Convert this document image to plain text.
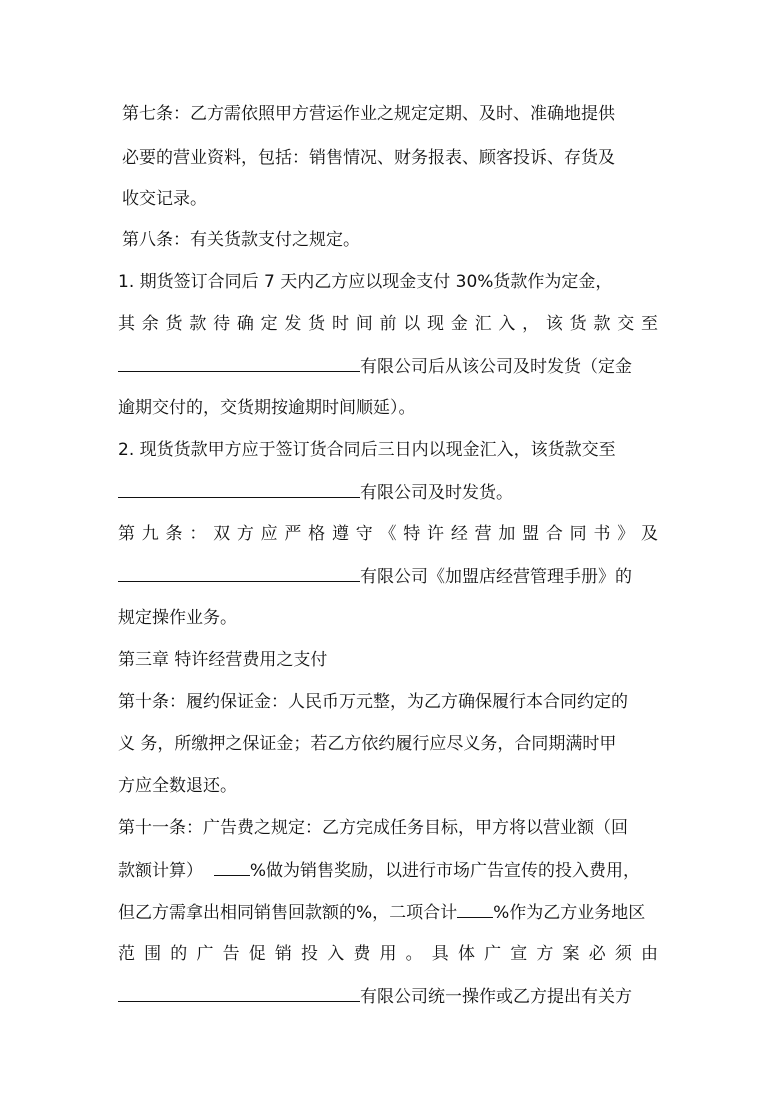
第七条：乙方需依照甲方营运作业之规定定期、及时、准确地提供
必要的营业资料，包括：销售情况、财务报表、顾客投诉、存货及
收交记录。
第八条：有关货款支付之规定。
1. 期货签订合同后 7 天内乙方应以现金支付 30%货款作为定金，
其余货款待确定发货时间前以现金汇入，该货款交至
有限公司后从该公司及时发货（定金
逾期交付的，交货期按逾期时间顺延）。
2. 现货货款甲方应于签订货合同后三日内以现金汇入，该货款交至
有限公司及时发货。
第九条：双方应严格遵守《特许经营加盟合同书》及
有限公司《加盟店经营管理手册》的
规定操作业务。
第三章 特许经营费用之支付
第十条：履约保证金：人民币万元整，为乙方确保履行本合同约定的
义 务，所缴押之保证金；若乙方依约履行应尽义务，合同期满时甲
方应全数退还。
第十一条：广告费之规定：乙方完成任务目标，甲方将以营业额（回
款额计算）	%做为销售奖励，以进行市场广告宣传的投入费用，
但乙方需拿出相同销售回款额的%，二项合计 %作为乙方业务地区
范围的广告促销投入费用。具体广宣方案必须由
有限公司统一操作或乙方提出有关方
